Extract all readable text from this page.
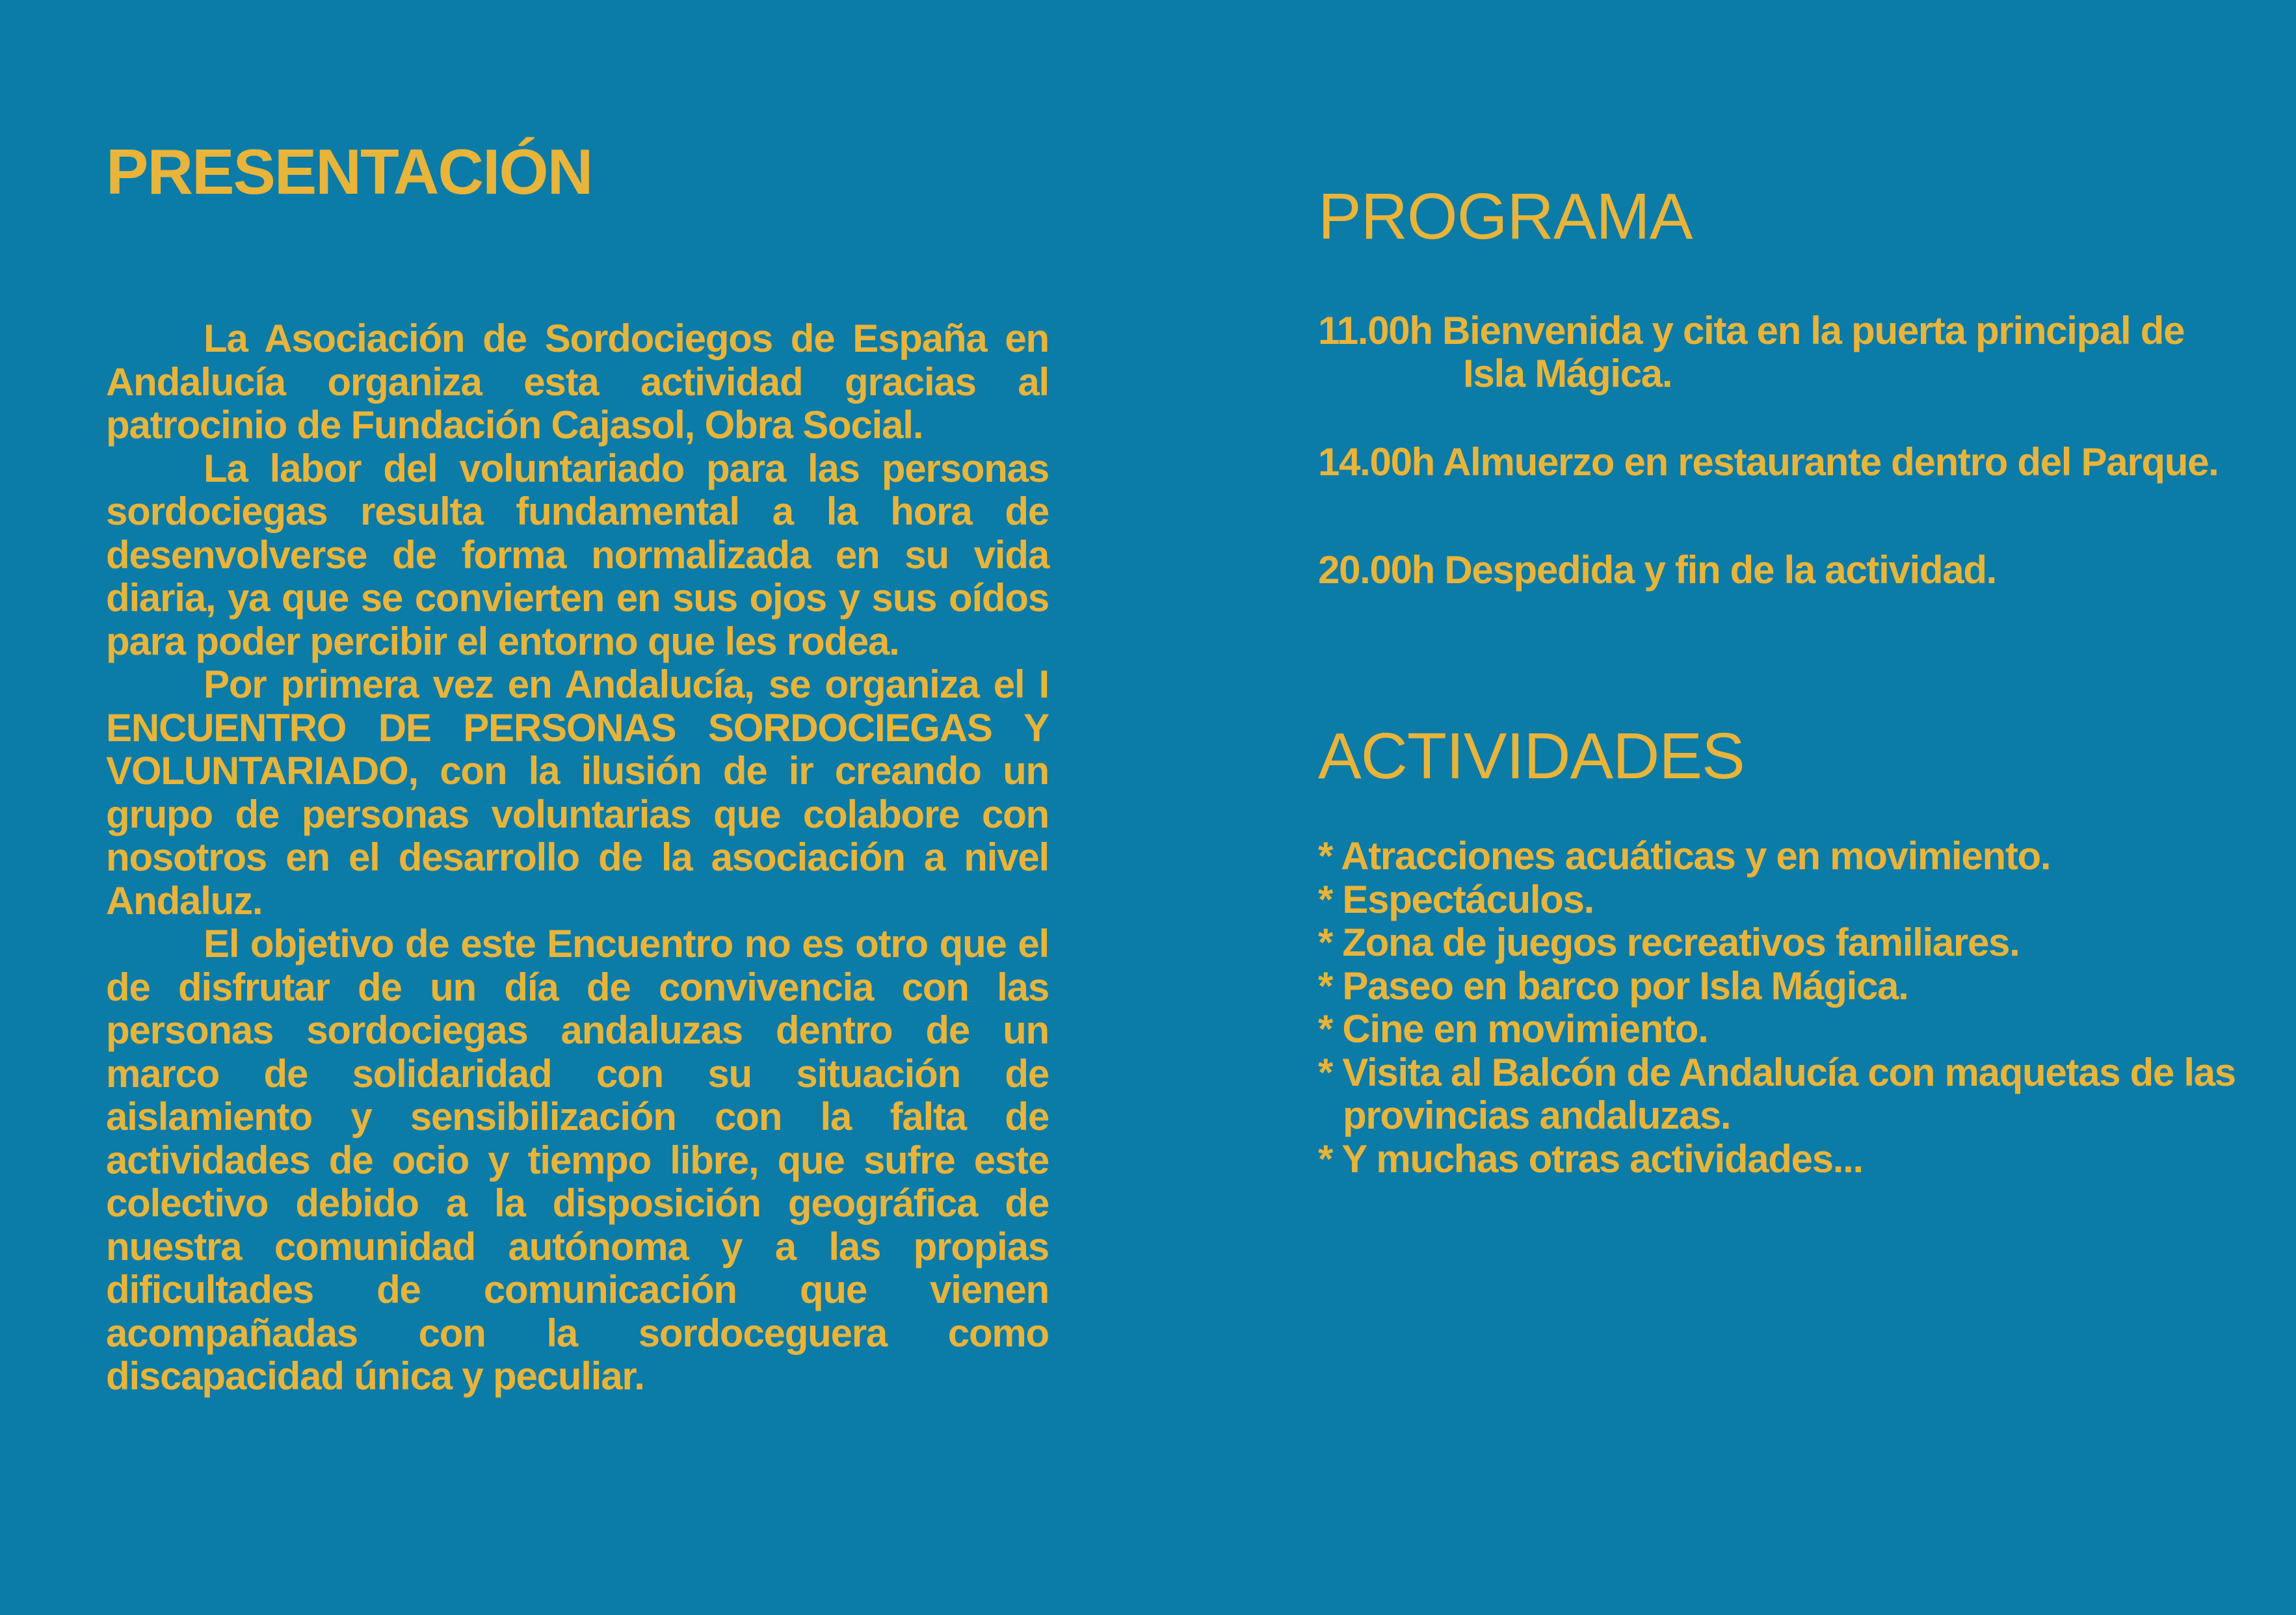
PRESENTACIÓN

La Asociación de Sordociegos de España en Andalucía organiza esta actividad gracias al patrocinio de Fundación Cajasol, Obra Social.

La labor del voluntariado para las personas sordociegas resulta fundamental a la hora de desenvolverse de forma normalizada en su vida diaria, ya que se convierten en sus ojos y sus oídos para poder percibir el entorno que les rodea.

Por primera vez en Andalucía, se organiza el I ENCUENTRO DE PERSONAS SORDOCIEGAS Y VOLUNTARIADO, con la ilusión de ir creando un grupo de personas voluntarias que colabore con nosotros en el desarrollo de la asociación a nivel Andaluz.

El objetivo de este Encuentro no es otro que el de disfrutar de un día de convivencia con las personas sordociegas andaluzas dentro de un marco de solidaridad con su situación de aislamiento y sensibilización con la falta de actividades de ocio y tiempo libre, que sufre este colectivo debido a la disposición geográfica de nuestra comunidad autónoma y a las propias dificultades de comunicación que vienen acompañadas con la sordoceguera como discapacidad única y peculiar.

PROGRAMA
11.00h Bienvenida y cita en la puerta principal de Isla Mágica.
14.00h Almuerzo en restaurante dentro del Parque.
20.00h Despedida y fin de la actividad.
ACTIVIDADES
* Atracciones acuáticas y en movimiento.
* Espectáculos.
* Zona de juegos recreativos familiares.
* Paseo en barco por Isla Mágica.
* Cine en movimiento.
* Visita al Balcón de Andalucía con maquetas de las provincias andaluzas.
* Y muchas otras actividades...
